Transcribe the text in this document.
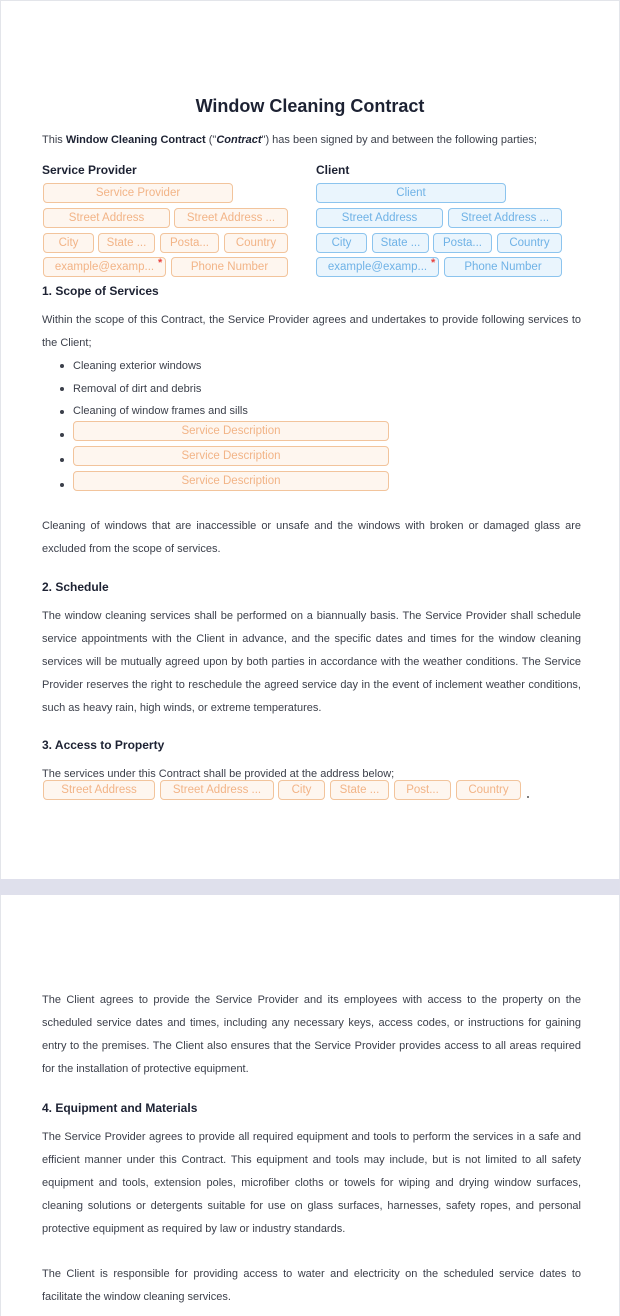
Window Cleaning Contract
This Window Cleaning Contract ("Contract") has been signed by and between the following parties;
Service Provider
Service Provider
Street Address	Street Address ...
City	State ...	Posta...	Country
example@examp... *	Phone Number
Client
Client
Street Address	Street Address ...
City	State ...	Posta...	Country
example@examp... *	Phone Number
1. Scope of Services
Within the scope of this Contract, the Service Provider agrees and undertakes to provide following services to the Client;
Cleaning exterior windows
Removal of dirt and debris
Cleaning of window frames and sills
Service Description
Service Description
Service Description
Cleaning of windows that are inaccessible or unsafe and the windows with broken or damaged glass are excluded from the scope of services.
2. Schedule
The window cleaning services shall be performed on a biannually basis. The Service Provider shall schedule service appointments with the Client in advance, and the specific dates and times for the window cleaning services will be mutually agreed upon by both parties in accordance with the weather conditions. The Service Provider reserves the right to reschedule the agreed service day in the event of inclement weather conditions, such as heavy rain, high winds, or extreme temperatures.
3. Access to Property
The services under this Contract shall be provided at the address below;
Street Address	Street Address ...	City	State ...	Post...	Country
The Client agrees to provide the Service Provider and its employees with access to the property on the scheduled service dates and times, including any necessary keys, access codes, or instructions for gaining entry to the premises. The Client also ensures that the Service Provider provides access to all areas required for the installation of protective equipment.
4. Equipment and Materials
The Service Provider agrees to provide all required equipment and tools to perform the services in a safe and efficient manner under this Contract. This equipment and tools may include, but is not limited to all safety equipment and tools, extension poles, microfiber cloths or towels for wiping and drying window surfaces, cleaning solutions or detergents suitable for use on glass surfaces, harnesses, safety ropes, and personal protective equipment as required by law or industry standards.
The Client is responsible for providing access to water and electricity on the scheduled service dates to facilitate the window cleaning services.
